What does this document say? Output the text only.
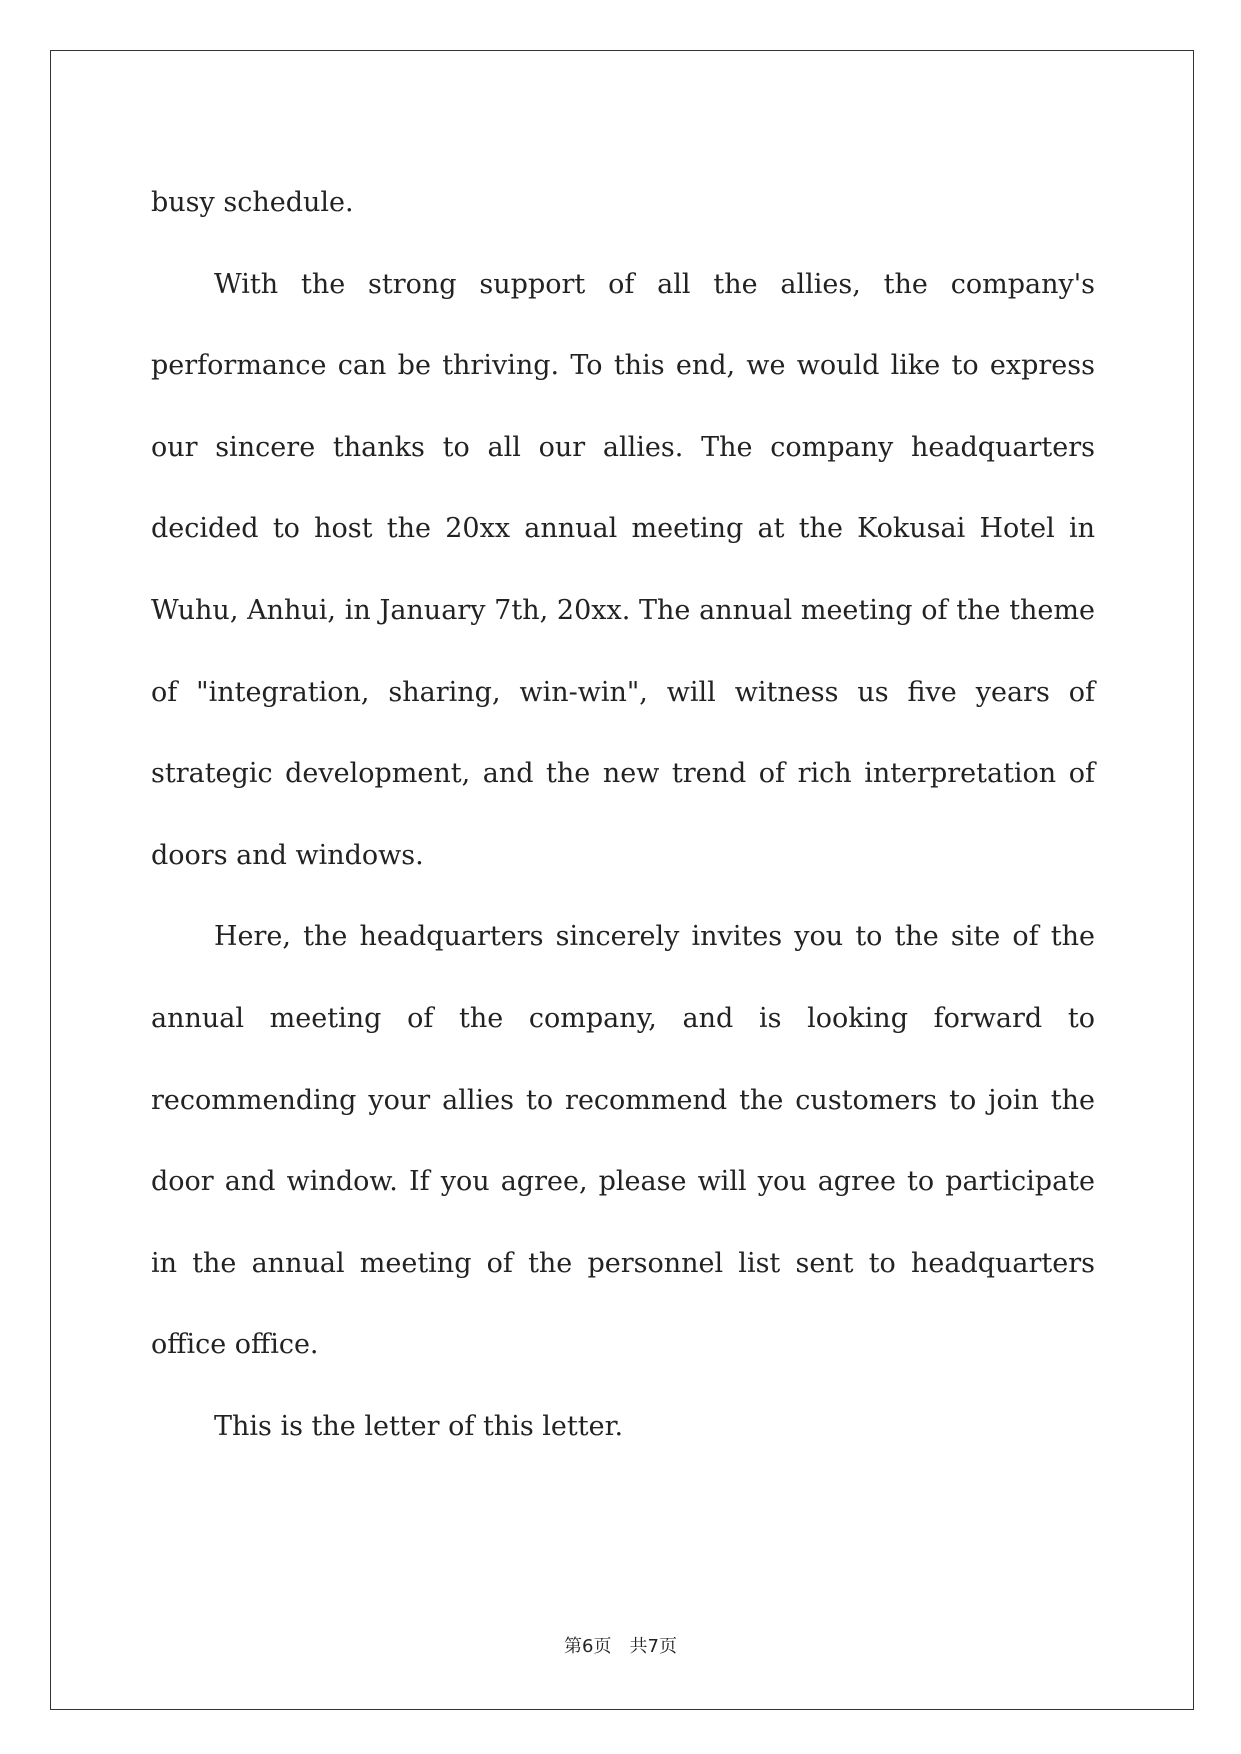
busy schedule.

With the strong support of all the allies, the company's performance can be thriving. To this end, we would like to express our sincere thanks to all our allies. The company headquarters decided to host the 20xx annual meeting at the Kokusai Hotel in Wuhu, Anhui, in January 7th, 20xx. The annual meeting of the theme of "integration, sharing, win-win", will witness us five years of strategic development, and the new trend of rich interpretation of doors and windows.

Here, the headquarters sincerely invites you to the site of the annual meeting of the company, and is looking forward to recommending your allies to recommend the customers to join the door and window. If you agree, please will you agree to participate in the annual meeting of the personnel list sent to headquarters office office.

This is the letter of this letter.

第6页　共7页
